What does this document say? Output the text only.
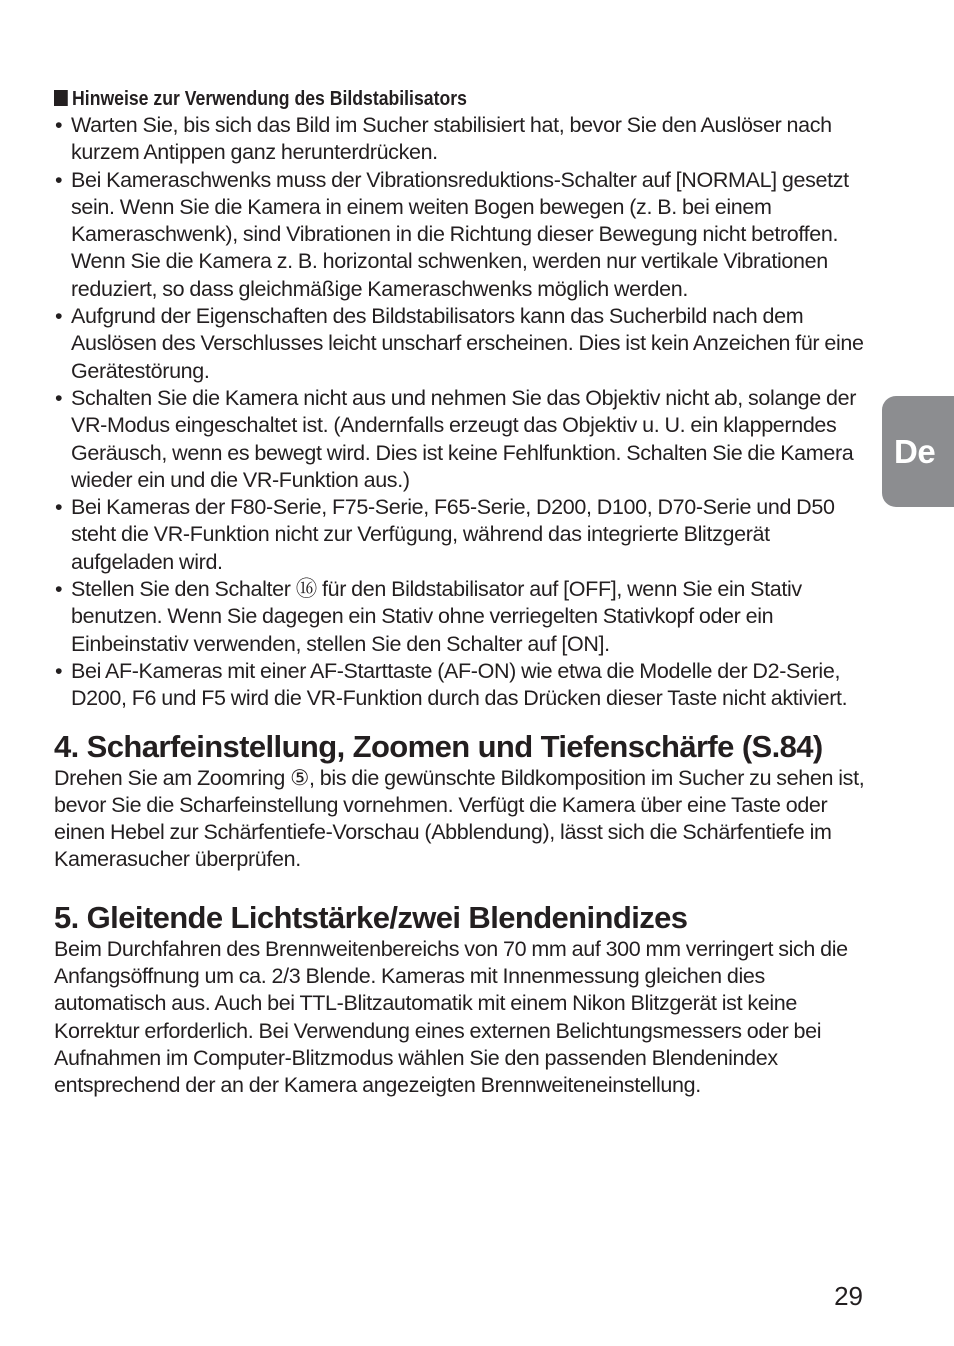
Hinweise zur Verwendung des Bildstabilisators

• Warten Sie, bis sich das Bild im Sucher stabilisiert hat, bevor Sie den Auslöser nach kurzem Antippen ganz herunterdrücken.
• Bei Kameraschwenks muss der Vibrationsreduktions-Schalter auf [NORMAL] gesetzt sein. Wenn Sie die Kamera in einem weiten Bogen bewegen (z. B. bei einem Kameraschwenk), sind Vibrationen in die Richtung dieser Bewegung nicht betroffen. Wenn Sie die Kamera z. B. horizontal schwenken, werden nur vertikale Vibrationen reduziert, so dass gleichmäßige Kameraschwenks möglich werden.
• Aufgrund der Eigenschaften des Bildstabilisators kann das Sucherbild nach dem Auslösen des Verschlusses leicht unscharf erscheinen. Dies ist kein Anzeichen für eine Gerätestörung.
• Schalten Sie die Kamera nicht aus und nehmen Sie das Objektiv nicht ab, solange der VR-Modus eingeschaltet ist. (Andernfalls erzeugt das Objektiv u. U. ein klapperndes Geräusch, wenn es bewegt wird. Dies ist keine Fehlfunktion. Schalten Sie die Kamera wieder ein und die VR-Funktion aus.)
• Bei Kameras der F80-Serie, F75-Serie, F65-Serie, D200, D100, D70-Serie und D50 steht die VR-Funktion nicht zur Verfügung, während das integrierte Blitzgerät aufgeladen wird.
• Stellen Sie den Schalter ⑯ für den Bildstabilisator auf [OFF], wenn Sie ein Stativ benutzen. Wenn Sie dagegen ein Stativ ohne verriegelten Stativkopf oder ein Einbeinstativ verwenden, stellen Sie den Schalter auf [ON].
• Bei AF-Kameras mit einer AF-Starttaste (AF-ON) wie etwa die Modelle der D2-Serie, D200, F6 und F5 wird die VR-Funktion durch das Drücken dieser Taste nicht aktiviert.
4. Scharfeinstellung, Zoomen und Tiefenschärfe (S.84)

Drehen Sie am Zoomring ⑤, bis die gewünschte Bildkomposition im Sucher zu sehen ist, bevor Sie die Scharfeinstellung vornehmen. Verfügt die Kamera über eine Taste oder einen Hebel zur Schärfentiefe-Vorschau (Abblendung), lässt sich die Schärfentiefe im Kamerasucher überprüfen.

5. Gleitende Lichtstärke/zwei Blendenindizes

Beim Durchfahren des Brennweitenbereichs von 70 mm auf 300 mm verringert sich die Anfangsöffnung um ca. 2/3 Blende. Kameras mit Innenmessung gleichen dies automatisch aus. Auch bei TTL-Blitzautomatik mit einem Nikon Blitzgerät ist keine Korrektur erforderlich. Bei Verwendung eines externen Belichtungsmessers oder bei Aufnahmen im Computer-Blitzmodus wählen Sie den passenden Blendenindex entsprechend der an der Kamera angezeigten Brennweiteneinstellung.

De
29
